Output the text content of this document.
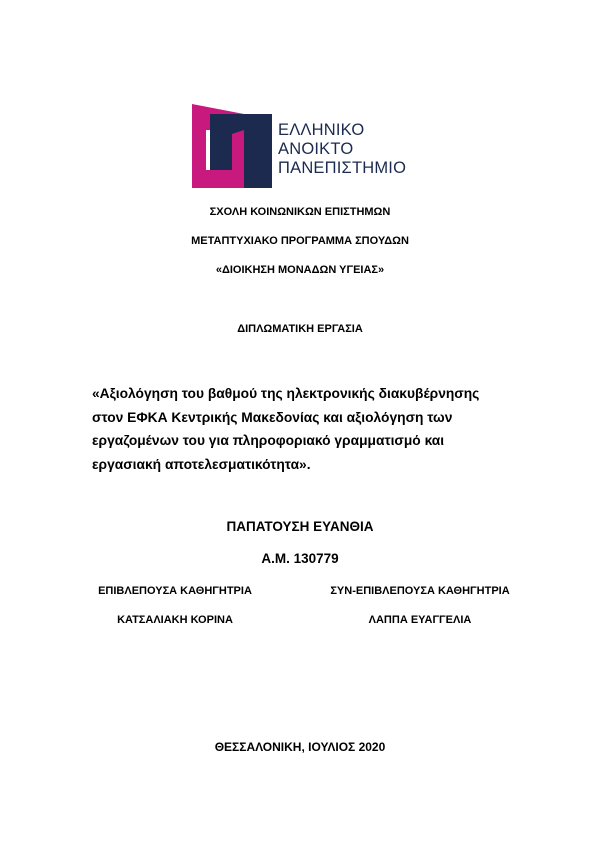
ΕΛΛΗΝΙΚΟ
ΑΝΟΙΚΤΟ
ΠΑΝΕΠΙΣΤΗΜΙΟ
ΣΧΟΛΗ ΚΟΙΝΩΝΙΚΩΝ ΕΠΙΣΤΗΜΩΝ
ΜΕΤΑΠΤΥΧΙΑΚΟ ΠΡΟΓΡΑΜΜΑ ΣΠΟΥΔΩΝ
«ΔΙΟΙΚΗΣΗ ΜΟΝΑΔΩΝ ΥΓΕΙΑΣ»
ΔΙΠΛΩΜΑΤΙΚΗ ΕΡΓΑΣΙΑ
«Αξιολόγηση του βαθμού της ηλεκτρονικής διακυβέρνησης
στον ΕΦΚΑ Κεντρικής Μακεδονίας και αξιολόγηση των
εργαζομένων του για πληροφοριακό γραμματισμό και
εργασιακή αποτελεσματικότητα».
ΠΑΠΑΤΟΥΣΗ ΕΥΑΝΘΙΑ
Α.Μ. 130779
ΕΠΙΒΛΕΠΟΥΣΑ ΚΑΘΗΓΗΤΡΙΑ
ΚΑΤΣΑΛΙΑΚΗ ΚΟΡΙΝΑ
ΣΥΝ-ΕΠΙΒΛΕΠΟΥΣΑ ΚΑΘΗΓΗΤΡΙΑ
ΛΑΠΠΑ ΕΥΑΓΓΕΛΙΑ
ΘΕΣΣΑΛΟΝΙΚΗ, ΙΟΥΛΙΟΣ 2020
